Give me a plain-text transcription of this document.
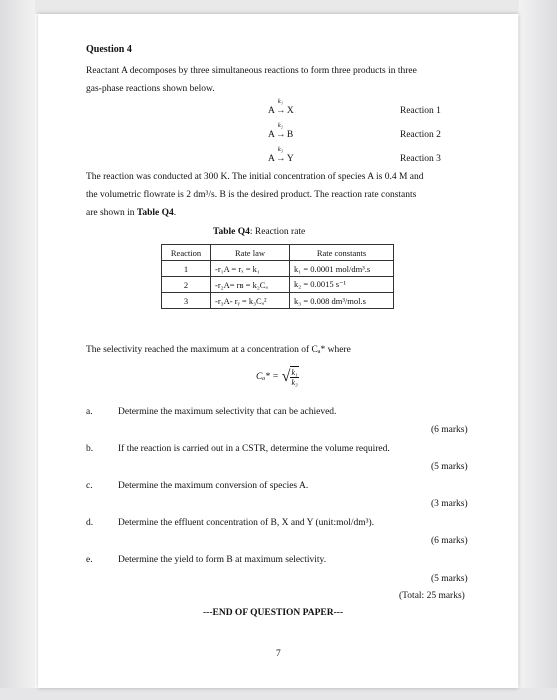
Question 4
Reactant A decomposes by three simultaneous reactions to form three products in three
gas-phase reactions shown below.
A→
k₁
X	Reaction 1
A→
k₂
B	Reaction 2
A→
k₃
Y	Reaction 3
The reaction was conducted at 300 K. The initial concentration of species A is 0.4 M and
the volumetric flowrate is 2 dm³/s. B is the desired product. The reaction rate constants
are shown in Table Q4.
Table Q4: Reaction rate
Reaction	Rate law	Rate constants
1	-r₁A = rₓ = k₁	k₁ = 0.0001 mol/dm³.s
2	-r₂A= rʙ = k₂Cₐ	k₂ = 0.0015 s⁻¹
3	-r₃A- rᵧ = k₃Cₐ²	k₃ = 0.008 dm³/mol.s
The selectivity reached the maximum at a concentration of Cₐ* where
Cₐ* = √ $\frac{\text{k₁}}{\text{k₃}}$
a.	Determine the maximum selectivity that can be achieved.
(6 marks)
b.	If the reaction is carried out in a CSTR, determine the volume required.
(5 marks)
c.	Determine the maximum conversion of species A.
(3 marks)
d.	Determine the effluent concentration of B, X and Y (unit:mol/dm³).
(6 marks)
e.	Determine the yield to form B at maximum selectivity.
(5 marks)
(Total: 25 marks)
---END OF QUESTION PAPER---
7
